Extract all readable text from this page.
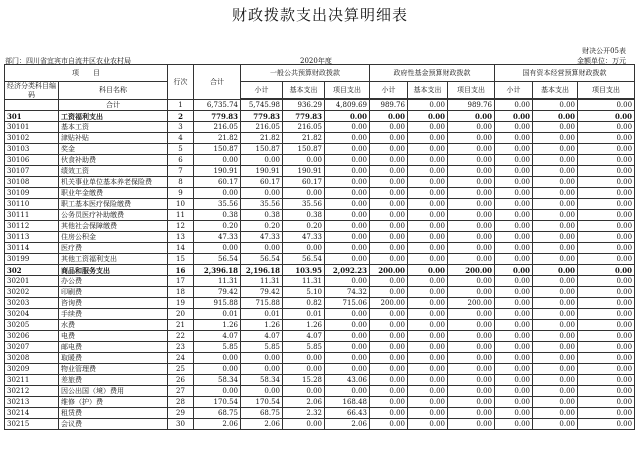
财政拨款支出决算明细表
财决公开05表
部门：四川省宜宾市自流井区农业农村局	2020年度	金额单位：万元
项　　目		行次	合计	一般公共预算财政拨款			政府性基金预算财政拨款			国有资本经营预算财政拨款		
经济分类科目编码	科目名称			小计	基本支出	项目支出	小计	基本支出	项目支出	小计	基本支出	项目支出

	合计	1	6,735.74	5,745.98	936.29	4,809.69	989.76	0.00	989.76	0.00	0.00	0.00
301	工资福利支出	2	779.83	779.83	779.83	0.00	0.00	0.00	0.00	0.00	0.00	0.00
30101	基本工资	3	216.05	216.05	216.05	0.00	0.00	0.00	0.00	0.00	0.00	0.00
30102	津贴补贴	4	21.82	21.82	21.82	0.00	0.00	0.00	0.00	0.00	0.00	0.00
30103	奖金	5	150.87	150.87	150.87	0.00	0.00	0.00	0.00	0.00	0.00	0.00
30106	伙食补助费	6	0.00	0.00	0.00	0.00	0.00	0.00	0.00	0.00	0.00	0.00
30107	绩效工资	7	190.91	190.91	190.91	0.00	0.00	0.00	0.00	0.00	0.00	0.00
30108	机关事业单位基本养老保险费	8	60.17	60.17	60.17	0.00	0.00	0.00	0.00	0.00	0.00	0.00
30109	职业年金缴费	9	0.00	0.00	0.00	0.00	0.00	0.00	0.00	0.00	0.00	0.00
30110	职工基本医疗保险缴费	10	35.56	35.56	35.56	0.00	0.00	0.00	0.00	0.00	0.00	0.00
30111	公务员医疗补助缴费	11	0.38	0.38	0.38	0.00	0.00	0.00	0.00	0.00	0.00	0.00
30112	其他社会保障缴费	12	0.20	0.20	0.20	0.00	0.00	0.00	0.00	0.00	0.00	0.00
30113	住房公积金	13	47.33	47.33	47.33	0.00	0.00	0.00	0.00	0.00	0.00	0.00
30114	医疗费	14	0.00	0.00	0.00	0.00	0.00	0.00	0.00	0.00	0.00	0.00
30199	其他工资福利支出	15	56.54	56.54	56.54	0.00	0.00	0.00	0.00	0.00	0.00	0.00
302	商品和服务支出	16	2,396.18	2,196.18	103.95	2,092.23	200.00	0.00	200.00	0.00	0.00	0.00
30201	办公费	17	11.31	11.31	11.31	0.00	0.00	0.00	0.00	0.00	0.00	0.00
30202	印刷费	18	79.42	79.42	5.10	74.32	0.00	0.00	0.00	0.00	0.00	0.00
30203	咨询费	19	915.88	715.88	0.82	715.06	200.00	0.00	200.00	0.00	0.00	0.00
30204	手续费	20	0.01	0.01	0.01	0.00	0.00	0.00	0.00	0.00	0.00	0.00
30205	水费	21	1.26	1.26	1.26	0.00	0.00	0.00	0.00	0.00	0.00	0.00
30206	电费	22	4.07	4.07	4.07	0.00	0.00	0.00	0.00	0.00	0.00	0.00
30207	邮电费	23	5.85	5.85	5.85	0.00	0.00	0.00	0.00	0.00	0.00	0.00
30208	取暖费	24	0.00	0.00	0.00	0.00	0.00	0.00	0.00	0.00	0.00	0.00
30209	物业管理费	25	0.00	0.00	0.00	0.00	0.00	0.00	0.00	0.00	0.00	0.00
30211	差旅费	26	58.34	58.34	15.28	43.06	0.00	0.00	0.00	0.00	0.00	0.00
30212	因公出国（境）费用	27	0.00	0.00	0.00	0.00	0.00	0.00	0.00	0.00	0.00	0.00
30213	维修（护）费	28	170.54	170.54	2.06	168.48	0.00	0.00	0.00	0.00	0.00	0.00
30214	租赁费	29	68.75	68.75	2.32	66.43	0.00	0.00	0.00	0.00	0.00	0.00
30215	会议费	30	2.06	2.06	0.00	2.06	0.00	0.00	0.00	0.00	0.00	0.00
